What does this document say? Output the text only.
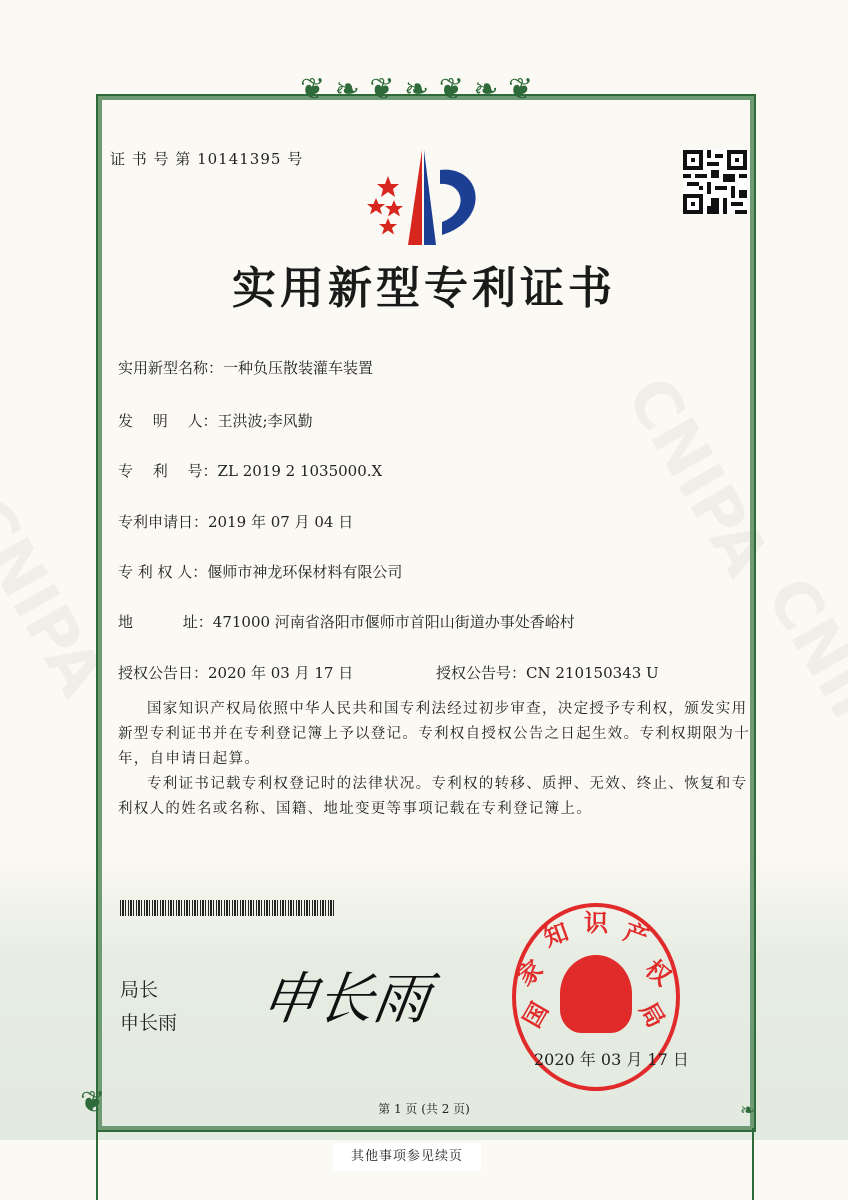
❦ ❧ ❦ ❧ ❦ ❧ ❦
❦	❧
证 书 号 第 10141395 号
实用新型专利证书
实用新型名称：一种负压散装灌车装置
发　 明　 人：王洪波;李风勤
专　 利　 号：ZL 2019 2 1035000.X
专利申请日：2019 年 07 月 04 日
专 利 权 人：偃师市神龙环保材料有限公司
地　　　 址：471000 河南省洛阳市偃师市首阳山街道办事处香峪村
授权公告日：2020 年 03 月 17 日	授权公告号：CN 210150343 U
国家知识产权局依照中华人民共和国专利法经过初步审查，决定授予专利权，颁发实用新型专利证书并在专利登记簿上予以登记。专利权自授权公告之日起生效。专利权期限为十年，自申请日起算。
专利证书记载专利权登记时的法律状况。专利权的转移、质押、无效、终止、恢复和专利权人的姓名或名称、国籍、地址变更等事项记载在专利登记簿上。
局长
申长雨 申长雨	国
家
知 识 产
权
局
2020 年 03 月 17 日
第 1 页 (共 2 页)
其他事项参见续页
